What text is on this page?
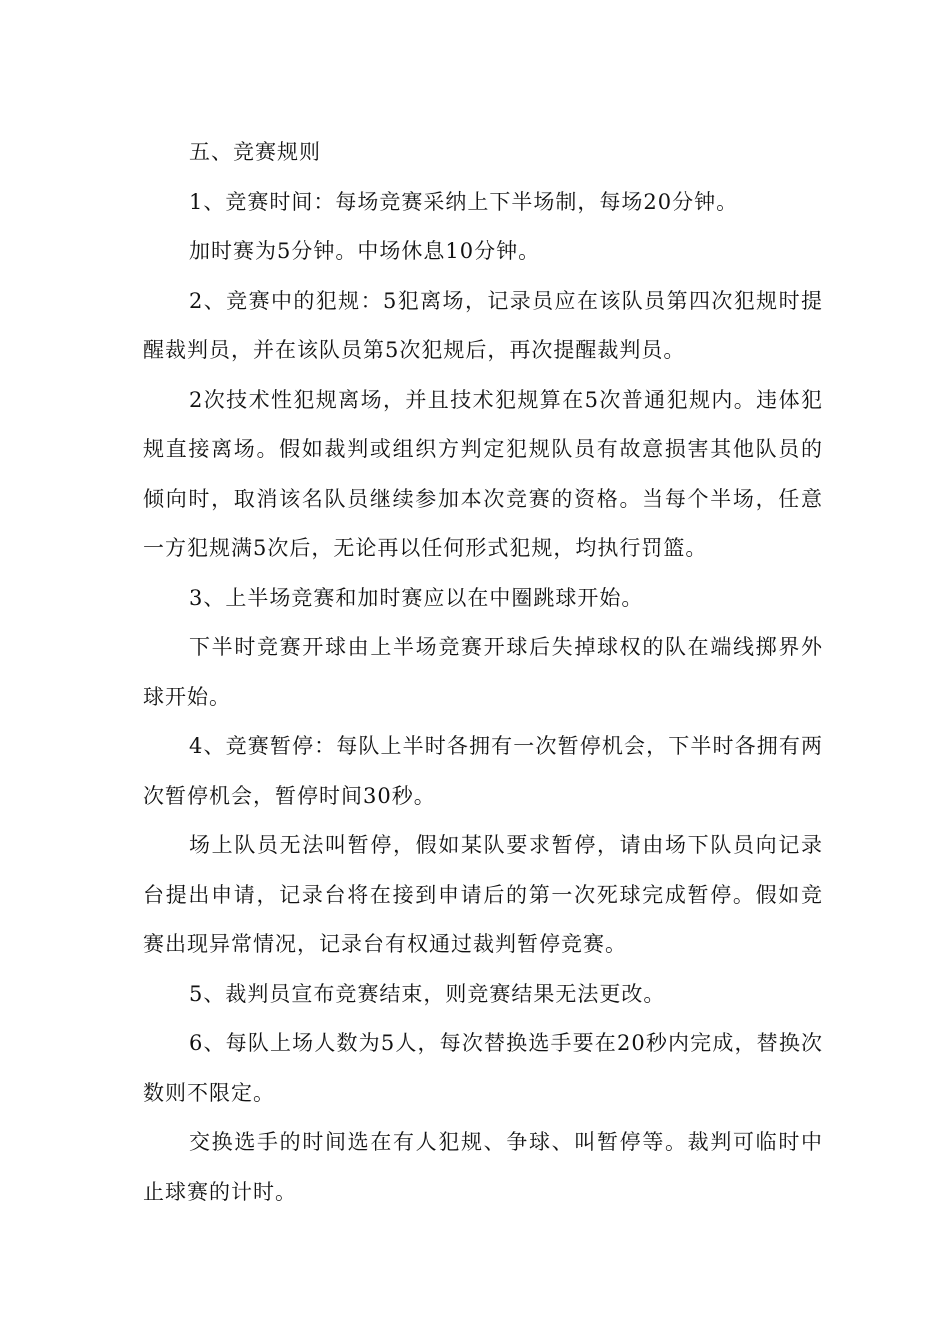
五、竞赛规则

1、竞赛时间：每场竞赛采纳上下半场制，每场20分钟。

加时赛为5分钟。中场休息10分钟。

2、竞赛中的犯规：5犯离场，记录员应在该队员第四次犯规时提醒裁判员，并在该队员第5次犯规后，再次提醒裁判员。

2次技术性犯规离场，并且技术犯规算在5次普通犯规内。违体犯规直接离场。假如裁判或组织方判定犯规队员有故意损害其他队员的倾向时，取消该名队员继续参加本次竞赛的资格。当每个半场，任意一方犯规满5次后，无论再以任何形式犯规，均执行罚篮。

3、上半场竞赛和加时赛应以在中圈跳球开始。

下半时竞赛开球由上半场竞赛开球后失掉球权的队在端线掷界外球开始。

4、竞赛暂停：每队上半时各拥有一次暂停机会，下半时各拥有两次暂停机会，暂停时间30秒。

场上队员无法叫暂停，假如某队要求暂停，请由场下队员向记录台提出申请，记录台将在接到申请后的第一次死球完成暂停。假如竞赛出现异常情况，记录台有权通过裁判暂停竞赛。

5、裁判员宣布竞赛结束，则竞赛结果无法更改。

6、每队上场人数为5人，每次替换选手要在20秒内完成，替换次数则不限定。

交换选手的时间选在有人犯规、争球、叫暂停等。裁判可临时中止球赛的计时。
